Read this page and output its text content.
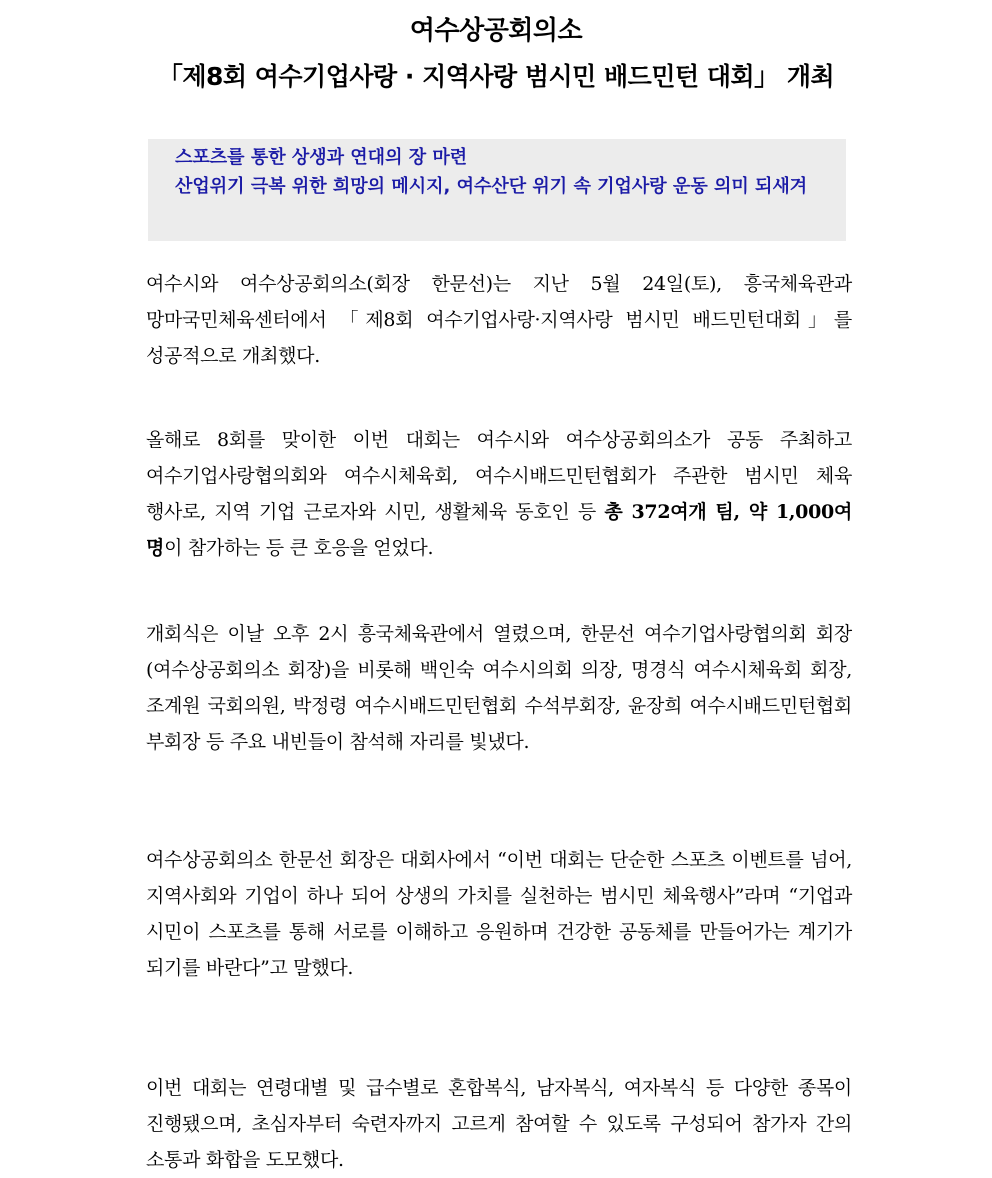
여수상공회의소
「제8회 여수기업사랑 · 지역사랑 범시민 배드민턴 대회」 개최

스포츠를 통한 상생과 연대의 장 마련

산업위기 극복 위한 희망의 메시지, 여수산단 위기 속 기업사랑 운동 의미 되새겨

여수시와 여수상공회의소(회장 한문선)는 지난 5월 24일(토), 흥국체육관과 망마국민체육센터에서 「제8회 여수기업사랑·지역사랑 범시민 배드민턴대회」를 성공적으로 개최했다.

올해로 8회를 맞이한 이번 대회는 여수시와 여수상공회의소가 공동 주최하고 여수기업사랑협의회와 여수시체육회, 여수시배드민턴협회가 주관한 범시민 체육 행사로, 지역 기업 근로자와 시민, 생활체육 동호인 등 총 372여개 팀, 약 1,000여 명이 참가하는 등 큰 호응을 얻었다.

개회식은 이날 오후 2시 흥국체육관에서 열렸으며, 한문선 여수기업사랑협의회 회장(여수상공회의소 회장)을 비롯해 백인숙 여수시의회 의장, 명경식 여수시체육회 회장, 조계원 국회의원, 박정령 여수시배드민턴협회 수석부회장, 윤장희 여수시배드민턴협회 부회장 등 주요 내빈들이 참석해 자리를 빛냈다.

여수상공회의소 한문선 회장은 대회사에서 “이번 대회는 단순한 스포츠 이벤트를 넘어, 지역사회와 기업이 하나 되어 상생의 가치를 실천하는 범시민 체육행사”라며 “기업과 시민이 스포츠를 통해 서로를 이해하고 응원하며 건강한 공동체를 만들어가는 계기가 되기를 바란다”고 말했다.

이번 대회는 연령대별 및 급수별로 혼합복식, 남자복식, 여자복식 등 다양한 종목이 진행됐으며, 초심자부터 숙련자까지 고르게 참여할 수 있도록 구성되어 참가자 간의 소통과 화합을 도모했다.
